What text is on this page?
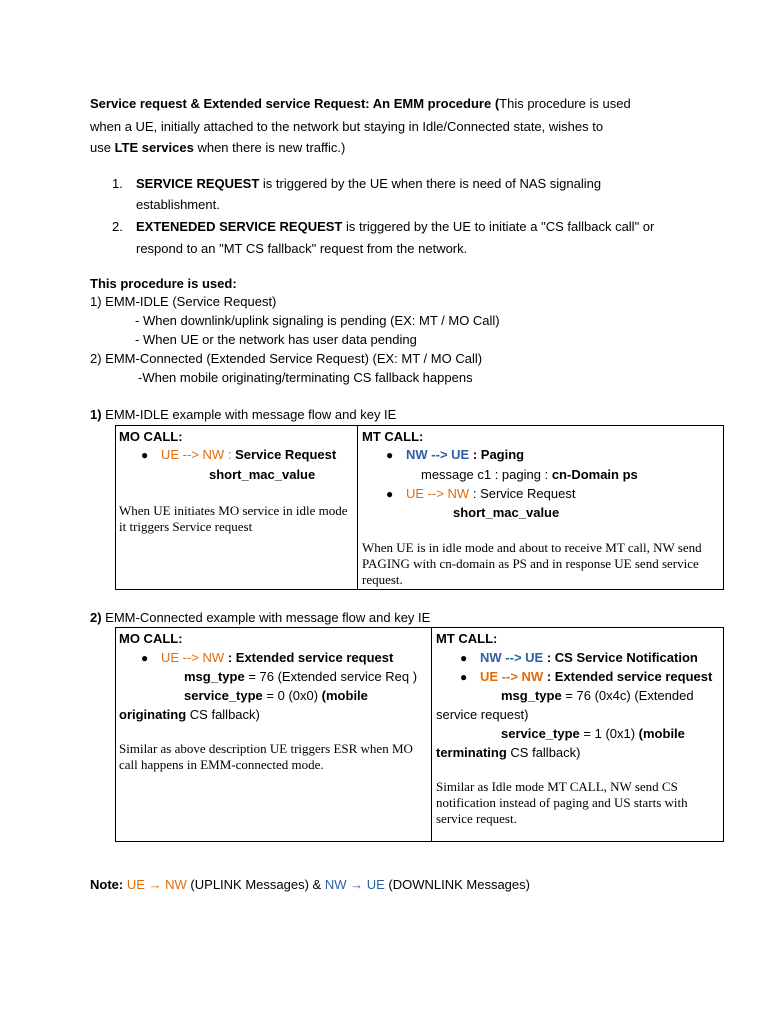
Service request & Extended service Request: An EMM procedure (This procedure is used
when a UE, initially attached to the network but staying in Idle/Connected state, wishes to
use LTE services when there is new traffic.)
1. SERVICE REQUEST is triggered by the UE when there is need of NAS signaling
establishment.
2. EXTENEDED SERVICE REQUEST is triggered by the UE to initiate a "CS fallback call" or
respond to an "MT CS fallback" request from the network.
This procedure is used:
1) EMM-IDLE (Service Request)
- When downlink/uplink signaling is pending (EX: MT / MO Call)
- When UE or the network has user data pending
2) EMM-Connected (Extended Service Request) (EX: MT / MO Call)
-When mobile originating/terminating CS fallback happens
1) EMM-IDLE example with message flow and key IE
MO CALL:
● UE --> NW : Service Request
short_mac_value
When UE initiates MO service in idle mode it triggers Service request
MT CALL:
● NW --> UE : Paging
message c1 : paging : cn-Domain ps
● UE --> NW : Service Request
short_mac_value
When UE is in idle mode and about to receive MT call, NW send PAGING with cn-domain as PS and in response UE send service request.
2) EMM-Connected example with message flow and key IE
MO CALL:
● UE --> NW : Extended service request
msg_type = 76 (Extended service Req )
service_type = 0 (0x0) (mobile
originating CS fallback)
Similar as above description UE triggers ESR when MO call happens in EMM-connected mode.
MT CALL:
● NW --> UE : CS Service Notification
● UE --> NW : Extended service request
msg_type = 76 (0x4c) (Extended
service request)
service_type = 1 (0x1) (mobile
terminating CS fallback)
Similar as Idle mode MT CALL, NW send CS notification instead of paging and US starts with service request.
Note: UE → NW (UPLINK Messages) & NW → UE (DOWNLINK Messages)
